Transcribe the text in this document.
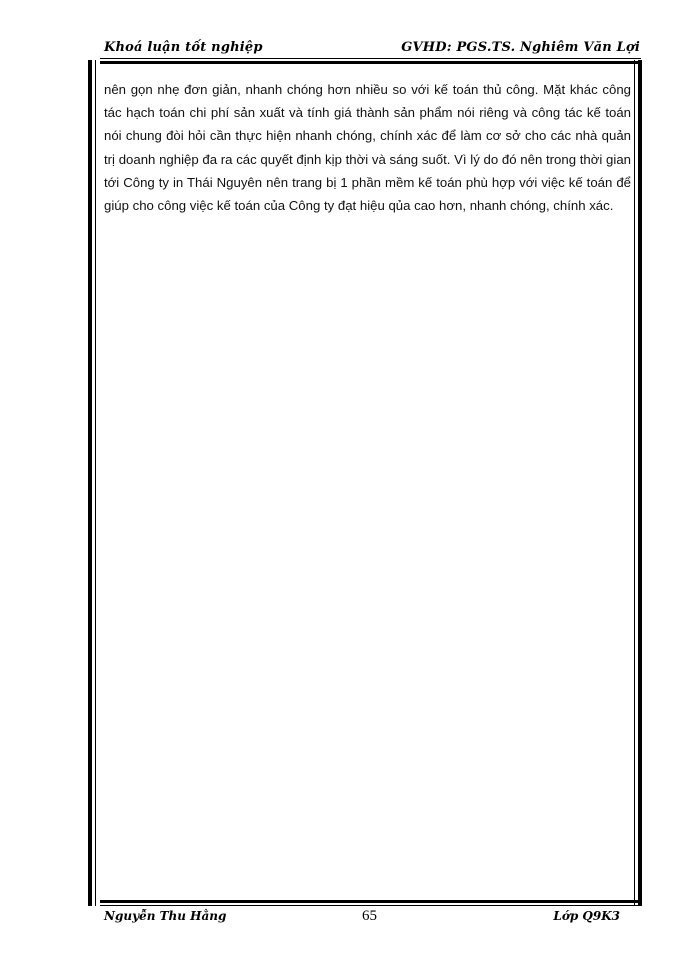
Khoá luận tốt nghiệp	GVHD: PGS.TS. Nghiêm Văn Lợi

nên gọn nhẹ đơn giản, nhanh chóng hơn nhiều so với kế toán thủ công. Mặt khác công tác hạch toán chi phí sản xuất và tính giá thành sản phẩm nói riêng và công tác kế toán nói chung đòi hỏi cần thực hiện nhanh chóng, chính xác để làm cơ sở cho các nhà quản trị doanh nghiệp đa ra các quyết định kịp thời và sáng suốt. Vì lý do đó nên trong thời gian tới Công ty in Thái Nguyên nên trang bị 1 phần mềm kế toán phù hợp với việc kế toán để giúp cho công việc kế toán của Công ty đạt hiệu qủa cao hơn, nhanh chóng, chính xác.

Nguyễn Thu Hằng	65	Lớp Q9K3
